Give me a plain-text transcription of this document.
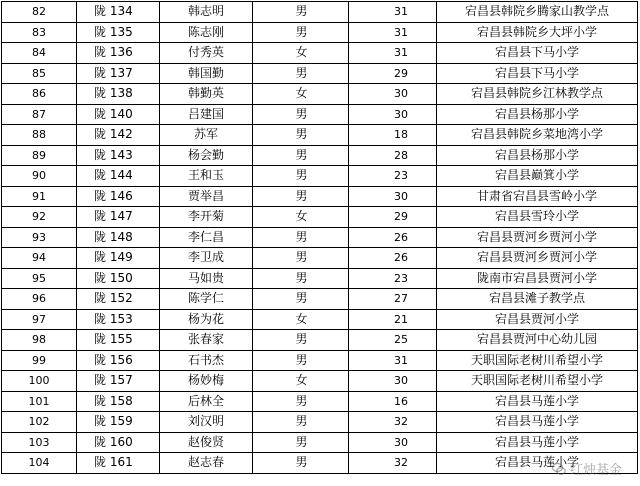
82	陇 134	韩志明	男	31	宕昌县韩院乡腾家山教学点
83	陇 135	陈志刚	男	31	宕昌县韩院乡大坪小学
84	陇 136	付秀英	女	31	宕昌县下马小学
85	陇 137	韩国勤	男	29	宕昌县下马小学
86	陇 138	韩勤英	女	30	宕昌县韩院乡江林教学点
87	陇 140	吕建国	男	30	宕昌县杨那小学
88	陇 142	苏军	男	18	宕昌县韩院乡菜地湾小学
89	陇 143	杨会勤	男	28	宕昌县杨那小学
90	陇 144	王和玉	男	23	宕昌县巅箕小学
91	陇 146	贾举昌	男	30	甘肃省宕昌县雪岭小学
92	陇 147	李开菊	女	29	宕昌县雪玲小学
93	陇 148	李仁昌	男	26	宕昌县贾河乡贾河小学
94	陇 149	李卫成	男	26	宕昌县贾河乡贾河小学
95	陇 150	马如贵	男	23	陇南市宕昌县贾河小学
96	陇 152	陈学仁	男	27	宕昌县滩子教学点
97	陇 153	杨为花	女	21	宕昌县贾河小学
98	陇 155	张春家	男	25	宕昌县贾河中心幼儿园
99	陇 156	石书杰	男	31	天职国际老树川希望小学
100	陇 157	杨妙梅	女	30	天职国际老树川希望小学
101	陇 158	后林全	男	16	宕昌县马莲小学
102	陇 159	刘汉明	男	32	宕昌县马莲小学
103	陇 160	赵俊贤	男	30	宕昌县马莲小学
104	陇 161	赵志春	男	32	宕昌县马莲小学
红烛基金
